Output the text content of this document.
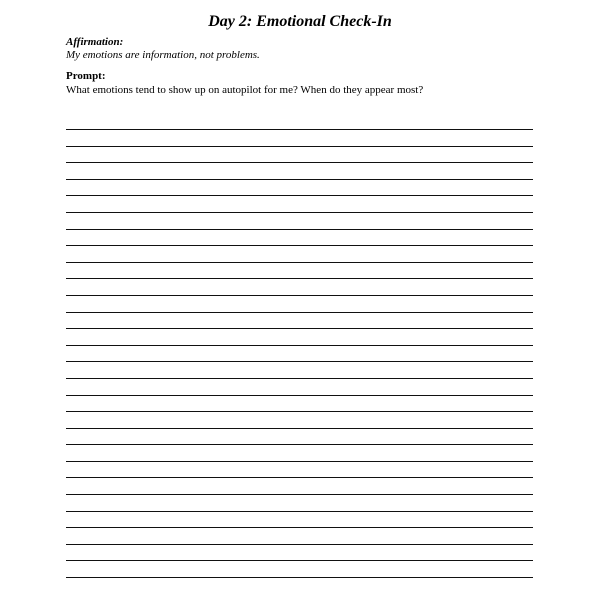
Day 2: Emotional Check-In
Affirmation:
My emotions are information, not problems.
Prompt:
What emotions tend to show up on autopilot for me? When do they appear most?
